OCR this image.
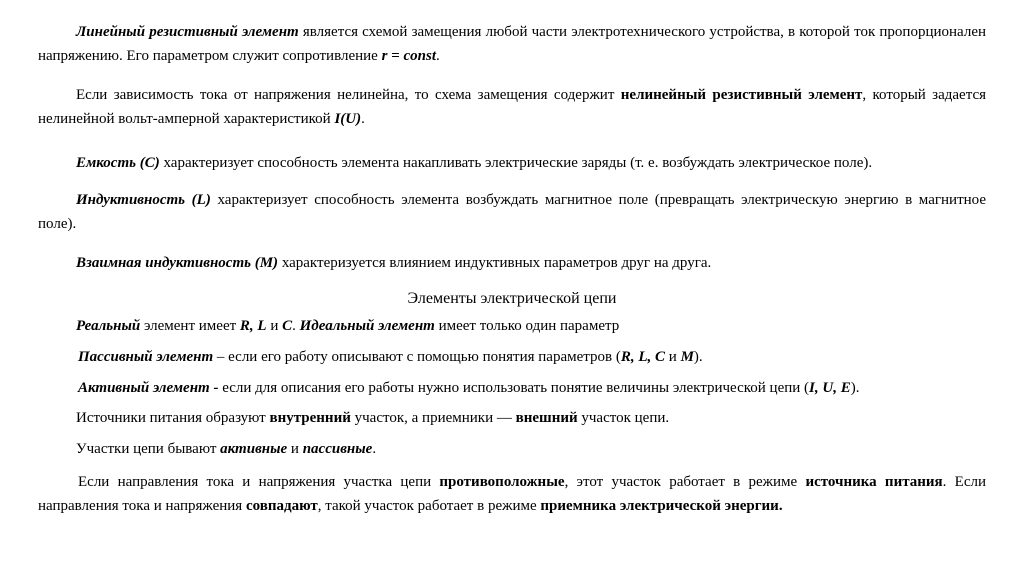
Линейный резистивный элемент является схемой замещения любой части электротехнического устройства, в которой ток пропорционален напряжению. Его параметром служит сопротивление r = const.

Если зависимость тока от напряжения нелинейна, то схема замещения содержит нелинейный резистивный элемент, который задается нелинейной вольт-амперной характеристикой I(U).

Емкость (С) характеризует способность элемента накапливать электрические заряды (т. е. возбуждать электрическое поле).

Индуктивность (L) характеризует способность элемента возбуждать магнитное поле (превращать электрическую энергию в магнитное поле).

Взаимная индуктивность (М) характеризуется влиянием индуктивных параметров друг на друга.

Элементы электрической цепи

Реальный элемент имеет R, L и С. Идеальный элемент имеет только один параметр

Пассивный элемент – если его работу описывают с помощью понятия параметров (R, L, C и M).

Активный элемент - если для описания его работы нужно использовать понятие величины электрической цепи (I, U, E).

Источники питания образуют внутренний участок, а приемники — внешний участок цепи.

Участки цепи бывают активные и пассивные.

Если направления тока и напряжения участка цепи противоположные, этот участок работает в режиме источника питания. Если направления тока и напряжения совпадают, такой участок работает в режиме приемника электрической энергии.
